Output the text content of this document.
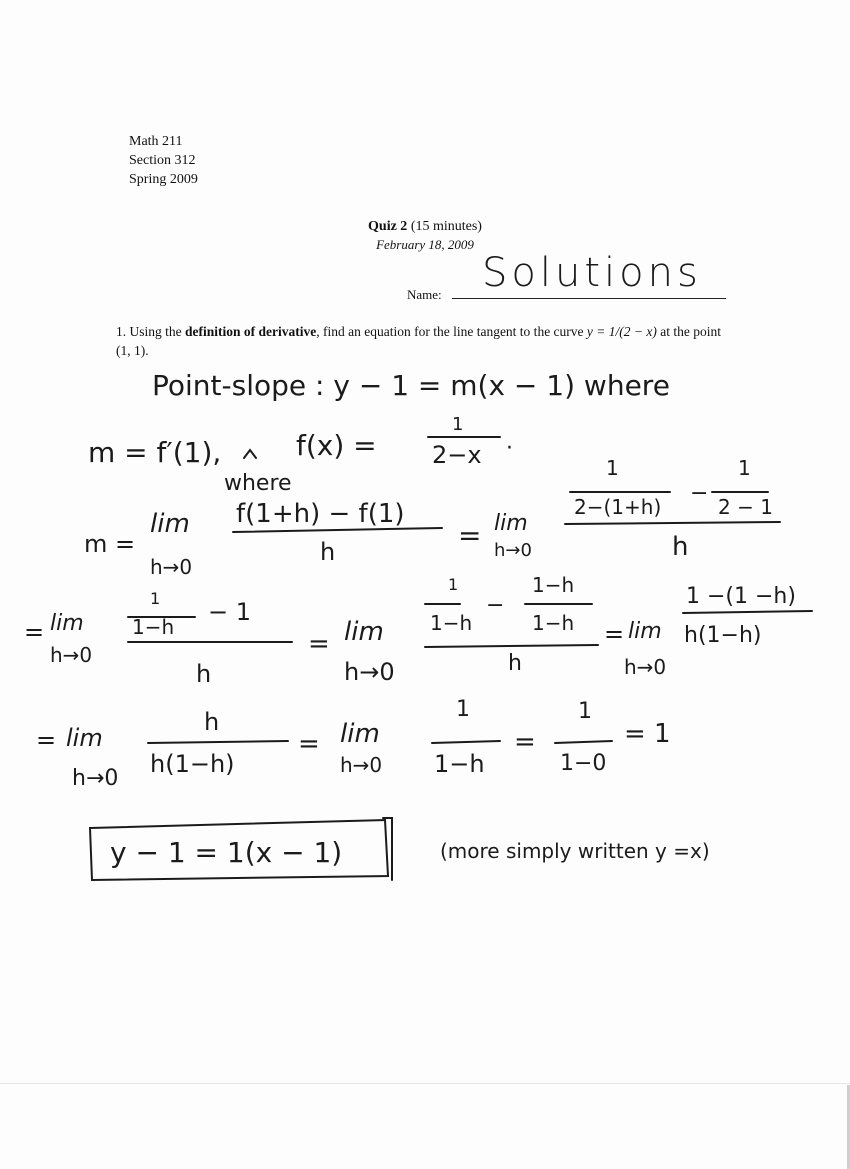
Math 211
Section 312
Spring 2009
Quiz 2 (15 minutes)
February 18, 2009
Name: Solutions
1. Using the definition of derivative, find an equation for the line tangent to the curve y = 1/(2 − x) at the point (1, 1).
Point-slope : y − 1 = m(x − 1) where
m = f′(1),	f(x) =
1
2−x ·
where
m =
lim
h→0
f(1+h) − f(1)
h	= lim
h→0
1
2−(1+h)
−
1
2 − 1
h
= lim
h→0
1
1−h
− 1
h
= lim
h→0
1
1−h
−
1−h
1−h
h
= lim
h→0
1 −(1 −h)
h(1−h)
= lim
h→0
h
h(1−h)
= lim
h→0
1
1−h
=
1
1−0
= 1
y − 1 = 1(x − 1)	(more simply written y =x)
